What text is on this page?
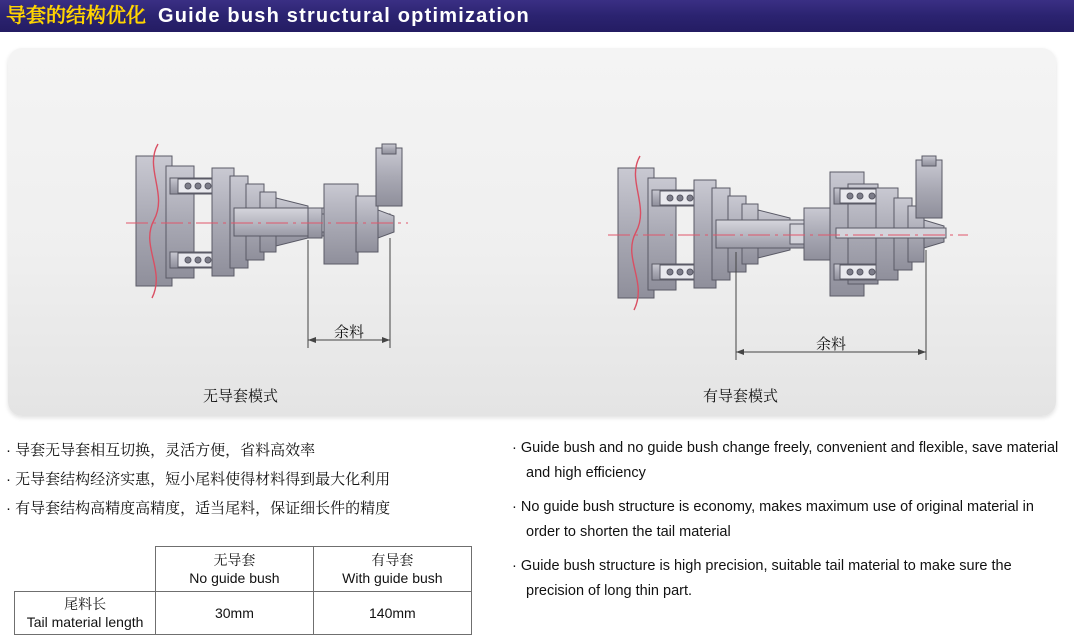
导套的结构优化 Guide bush structural optimization
余料
余料
无导套模式	有导套模式
· 导套无导套相互切换，灵活方便，省料高效率
· 无导套结构经济实惠，短小尾料使得材料得到最大化利用
· 有导套结构高精度高精度，适当尾料，保证细长件的精度
· Guide bush and no guide bush change freely, convenient and flexible, save material and high efficiency
· No guide bush structure is economy, makes maximum use of original material in order to shorten the tail material
· Guide bush structure is high precision, suitable tail material to make sure the precision of long thin part.

	无导套
No guide bush	有导套
With guide bush

尾料长
Tail material length	30mm	140mm
